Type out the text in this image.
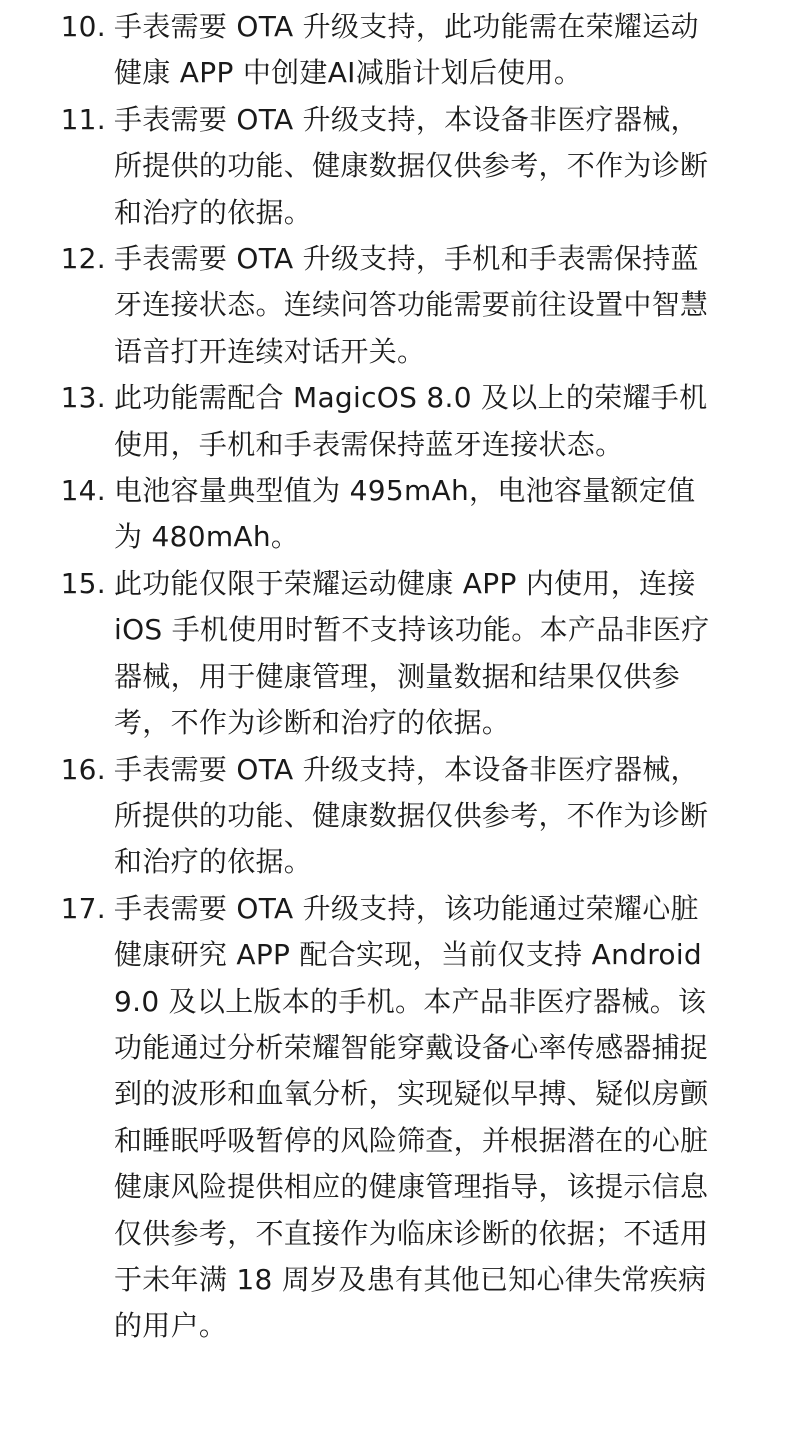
10. 手表需要 OTA 升级支持，此功能需在荣耀运动健康 APP 中创建AI减脂计划后使用。
11. 手表需要 OTA 升级支持，本设备非医疗器械，所提供的功能、健康数据仅供参考，不作为诊断和治疗的依据。
12. 手表需要 OTA 升级支持，手机和手表需保持蓝牙连接状态。连续问答功能需要前往设置中智慧语音打开连续对话开关。
13. 此功能需配合 MagicOS 8.0 及以上的荣耀手机使用，手机和手表需保持蓝牙连接状态。
14. 电池容量典型值为 495mAh，电池容量额定值为 480mAh。
15. 此功能仅限于荣耀运动健康 APP 内使用，连接 iOS 手机使用时暂不支持该功能。本产品非医疗器械，用于健康管理，测量数据和结果仅供参考，不作为诊断和治疗的依据。
16. 手表需要 OTA 升级支持，本设备非医疗器械，所提供的功能、健康数据仅供参考，不作为诊断和治疗的依据。
17. 手表需要 OTA 升级支持，该功能通过荣耀心脏健康研究 APP 配合实现，当前仅支持 Android 9.0 及以上版本的手机。本产品非医疗器械。该功能通过分析荣耀智能穿戴设备心率传感器捕捉到的波形和血氧分析，实现疑似早搏、疑似房颤和睡眠呼吸暂停的风险筛查，并根据潜在的心脏健康风险提供相应的健康管理指导，该提示信息仅供参考，不直接作为临床诊断的依据；不适用于未年满 18 周岁及患有其他已知心律失常疾病的用户。
